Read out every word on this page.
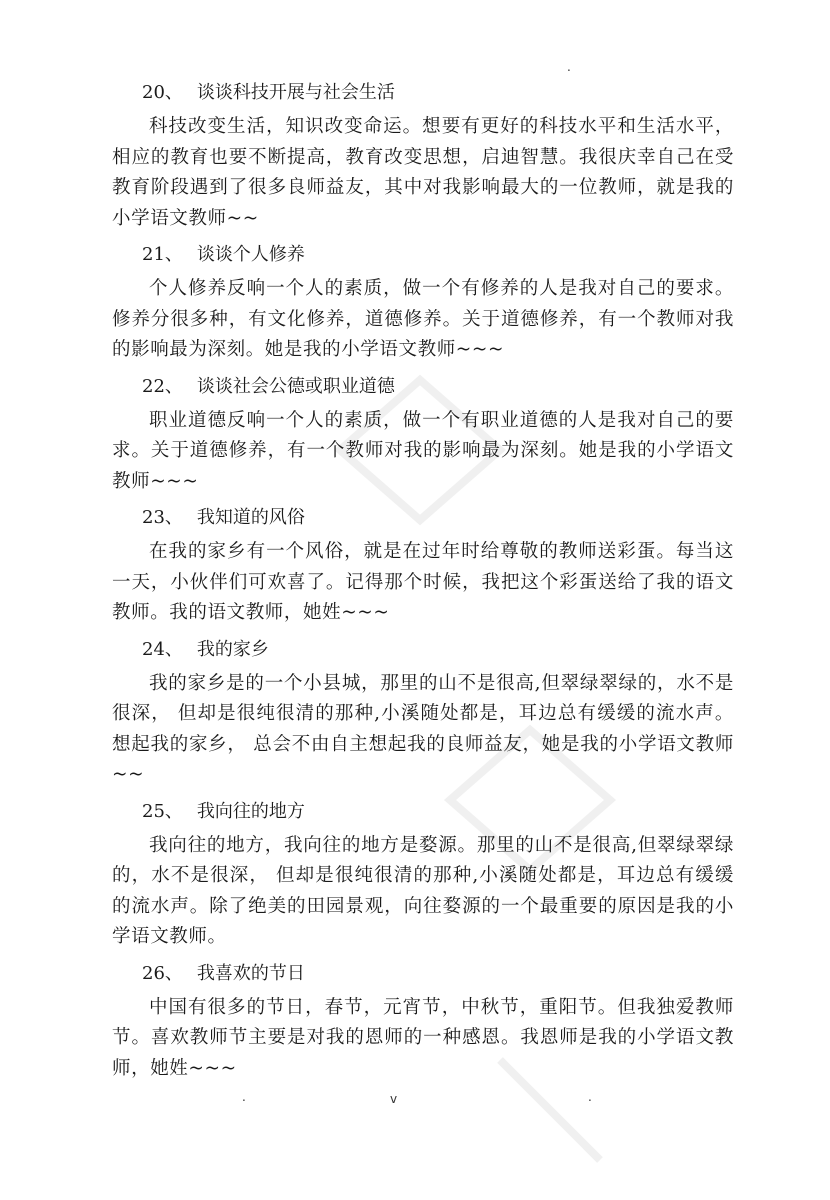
.
20、 谈谈科技开展与社会生活

科技改变生活，知识改变命运。想要有更好的科技水平和生活水平，相应的教育也要不断提高，教育改变思想，启迪智慧。我很庆幸自己在受教育阶段遇到了很多良师益友，其中对我影响最大的一位教师，就是我的小学语文教师~~

21、 谈谈个人修养

个人修养反响一个人的素质，做一个有修养的人是我对自己的要求。修养分很多种，有文化修养，道德修养。关于道德修养，有一个教师对我的影响最为深刻。她是我的小学语文教师~~~

22、 谈谈社会公德或职业道德

职业道德反响一个人的素质，做一个有职业道德的人是我对自己的要求。关于道德修养，有一个教师对我的影响最为深刻。她是我的小学语文教师~~~

23、 我知道的风俗

在我的家乡有一个风俗，就是在过年时给尊敬的教师送彩蛋。每当这一天，小伙伴们可欢喜了。记得那个时候，我把这个彩蛋送给了我的语文教师。我的语文教师，她姓~~~

24、 我的家乡

我的家乡是的一个小县城，那里的山不是很高,但翠绿翠绿的，水不是很深， 但却是很纯很清的那种,小溪随处都是，耳边总有缓缓的流水声。想起我的家乡， 总会不由自主想起我的良师益友，她是我的小学语文教师~~

25、 我向往的地方

我向往的地方，我向往的地方是婺源。那里的山不是很高,但翠绿翠绿的，水不是很深， 但却是很纯很清的那种,小溪随处都是，耳边总有缓缓的流水声。除了绝美的田园景观，向往婺源的一个最重要的原因是我的小学语文教师。

26、 我喜欢的节日

中国有很多的节日，春节，元宵节，中秋节，重阳节。但我独爱教师节。喜欢教师节主要是对我的恩师的一种感恩。我恩师是我的小学语文教师，她姓~~~

.	v	.
